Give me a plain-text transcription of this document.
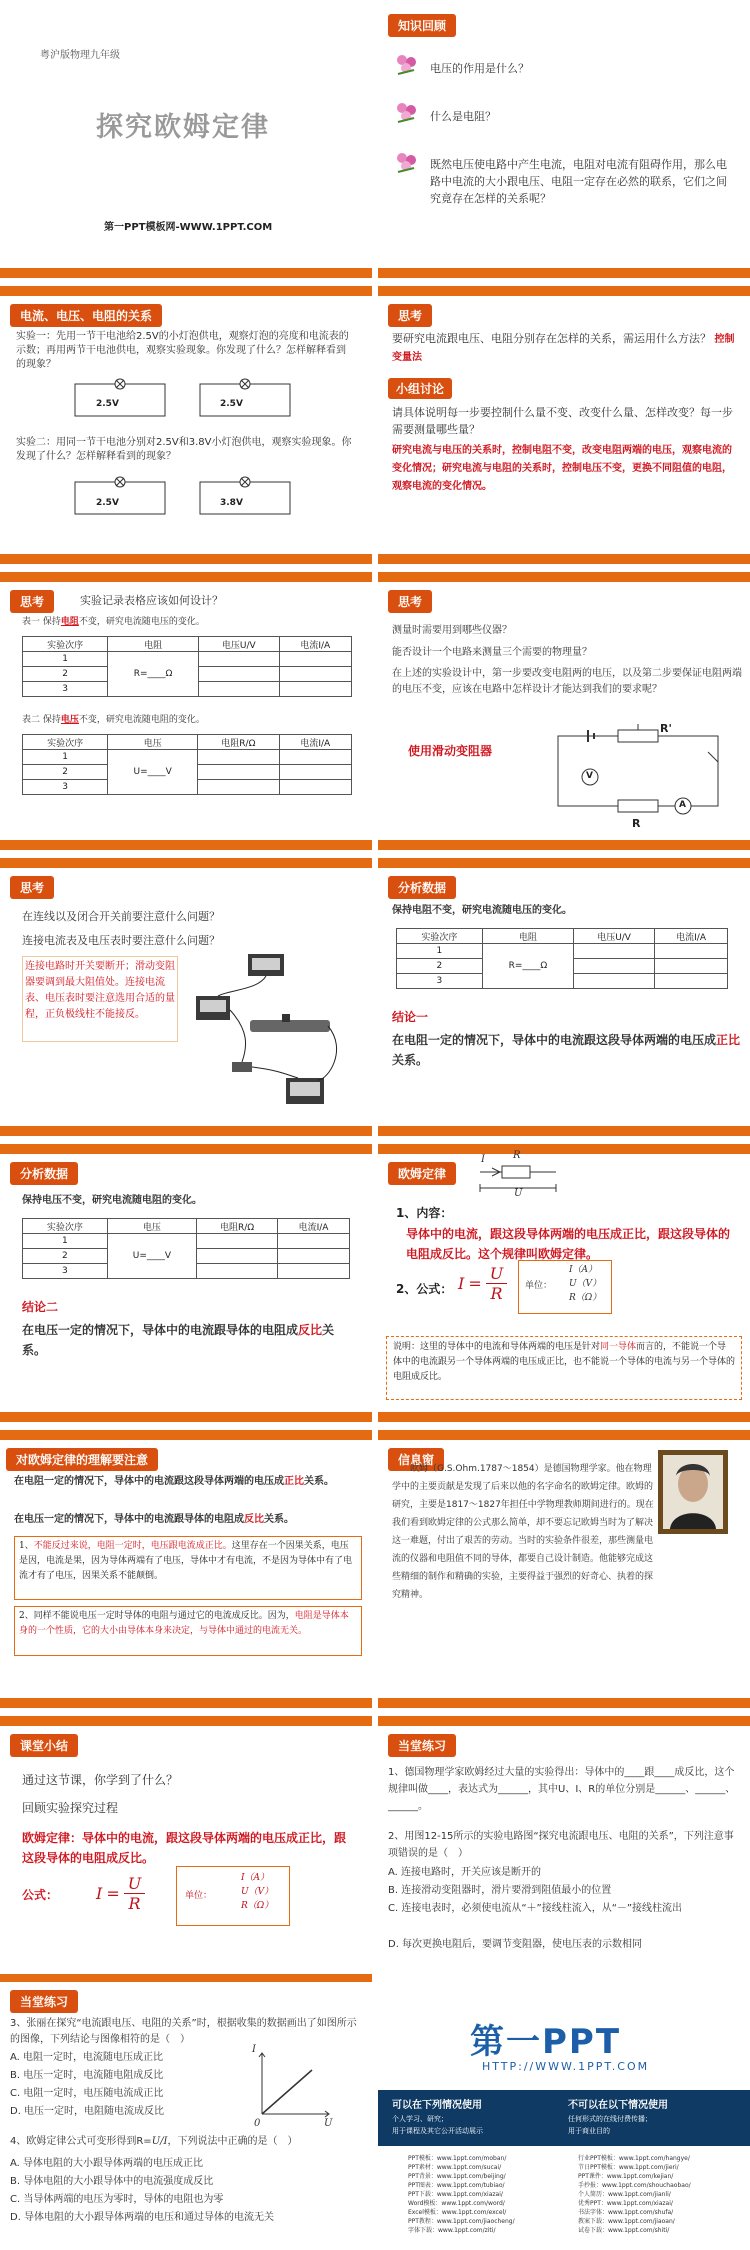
粤沪版物理九年级
探究欧姆定律
第一PPT模板网-WWW.1PPT.COM
知识回顾
电压的作用是什么？
什么是电阻？
既然电压使电路中产生电流，电阻对电流有阻碍作用，那么电路中电流的大小跟电压、电阻一定存在必然的联系，它们之间究竟存在怎样的关系呢？
电流、电压、电阻的关系
实验一：先用一节干电池给2.5V的小灯泡供电，观察灯泡的亮度和电流表的示数；再用两节干电池供电，观察实验现象。你发现了什么？怎样解释看到的现象？
2.5V	2.5V
实验二：用同一节干电池分别对2.5V和3.8V小灯泡供电，观察实验现象。你发现了什么？怎样解释看到的现象？
2.5V	3.8V
思考
要研究电流跟电压、电阻分别存在怎样的关系，需运用什么方法？ 控制变量法
小组讨论
请具体说明每一步要控制什么量不变、改变什么量、怎样改变？每一步需要测量哪些量？
研究电流与电压的关系时，控制电阻不变，改变电阻两端的电压，观察电流的变化情况；研究电流与电阻的关系时，控制电压不变，更换不同阻值的电阻，观察电流的变化情况。
思考	实验记录表格应该如何设计？
表一 保持电阻不变，研究电流随电压的变化。
实验次序	电阻	电压U/V	电流I/A
1	R=____Ω		
2			
3			
表二 保持电压不变，研究电流随电阻的变化。
实验次序	电压	电阻R/Ω	电流I/A
1	U=____V		
2			
3			
思考
测量时需要用到哪些仪器？
能否设计一个电路来测量三个需要的物理量？
在上述的实验设计中，第一步要改变电阻两的电压，以及第二步要保证电阻两端的电压不变，应该在电路中怎样设计才能达到我们的要求呢？
使用滑动变阻器
R'
V
A
R
思考
在连线以及闭合开关前要注意什么问题？
连接电流表及电压表时要注意什么问题？
连接电路时开关要断开；滑动变阻器要调到最大阻值处。连接电流表、电压表时要注意选用合适的量程，正负极线柱不能接反。
分析数据
保持电阻不变，研究电流随电压的变化。
实验次序	电阻	电压U/V	电流I/A
1	R=____Ω		
2			
3			
结论一
在电阻一定的情况下，导体中的电流跟这段导体两端的电压成正比关系。
分析数据
保持电压不变，研究电流随电阻的变化。
实验次序	电压	电阻R/Ω	电流I/A
1	U=____V		
2			
3			
结论二
在电压一定的情况下，导体中的电流跟导体的电阻成反比关系。
欧姆定律
I	R
U
1、内容：
导体中的电流，跟这段导体两端的电压成正比，跟这段导体的电阻成反比。这个规律叫欧姆定律。
2、公式： $I = \frac{U}{R}$ 单位：
I（A）
U（V）
R（Ω）
说明：这里的导体中的电流和导体两端的电压是针对同一导体而言的，不能说一个导体中的电流跟另一个导体两端的电压成正比，也不能说一个导体的电流与另一个导体的电阻成反比。
对欧姆定律的理解要注意
在电阻一定的情况下，导体中的电流跟这段导体两端的电压成正比关系。
在电压一定的情况下，导体中的电流跟导体的电阻成反比关系。
1、不能反过来说，电阻一定时，电压跟电流成正比。这里存在一个因果关系，电压是因，电流是果，因为导体两端有了电压，导体中才有电流，不是因为导体中有了电流才有了电压，因果关系不能颠倒。
2、同样不能说电压一定时导体的电阻与通过它的电流成反比。因为，电阻是导体本身的一个性质，它的大小由导体本身来决定，与导体中通过的电流无关。
信息窗
欧姆（G.S.Ohm.1787～1854）是德国物理学家。他在物理学中的主要贡献是发现了后来以他的名字命名的欧姆定律。欧姆的研究，主要是1817～1827年担任中学物理教师期间进行的。现在我们看到欧姆定律的公式那么简单，却不要忘记欧姆当时为了解决这一难题，付出了艰苦的劳动。当时的实验条件很差，那些测量电流的仪器和电阻值不同的导体，都要自己设计制造。他能够完成这些精细的制作和精确的实验，主要得益于强烈的好奇心、执着的探究精神。
课堂小结
通过这节课，你学到了什么？
回顾实验探究过程
欧姆定律：导体中的电流，跟这段导体两端的电压成正比，跟这段导体的电阻成反比。
公式： $I = \frac{U}{R}$	单位：
I（A）
U（V）
R（Ω）
当堂练习
1、德国物理学家欧姆经过大量的实验得出：导体中的____跟____成反比，这个规律叫做____，表达式为______，其中U、I、R的单位分别是______、______、______。
2、用图12-15所示的实验电路图“探究电流跟电压、电阻的关系”，下列注意事项错误的是（　）
A. 连接电路时，开关应该是断开的
B. 连接滑动变阻器时，滑片要滑到阻值最小的位置
C. 连接电表时，必须使电流从“＋”接线柱流入，从“－”接线柱流出
D. 每次更换电阻后，要调节变阻器，使电压表的示数相同
当堂练习
3、张丽在探究“电流跟电压、电阻的关系”时，根据收集的数据画出了如图所示的图像，下列结论与图像相符的是（　）
A. 电阻一定时，电流随电压成正比
B. 电压一定时，电流随电阻成反比
C. 电阻一定时，电压随电流成正比
D. 电压一定时，电阻随电流成反比
I
U
0
4、欧姆定律公式可变形得到R=U/I，下列说法中正确的是（　）
A. 导体电阻的大小跟导体两端的电压成正比
B. 导体电阻的大小跟导体中的电流强度成反比
C. 当导体两端的电压为零时，导体的电阻也为零
D. 导体电阻的大小跟导体两端的电压和通过导体的电流无关
第一PPT
HTTP://WWW.1PPT.COM
可以在下列情况使用
个人学习、研究；
用于课程及其它公开活动展示
不可以在以下情况使用
任何形式的在线付费传播；
用于商业目的
PPT模板：www.1ppt.com/moban/
PPT素材：www.1ppt.com/sucai/
PPT背景：www.1ppt.com/beijing/
PPT图表：www.1ppt.com/tubiao/
PPT下载：www.1ppt.com/xiazai/
Word模板：www.1ppt.com/word/
Excel模板：www.1ppt.com/excel/
PPT教程：www.1ppt.com/jiaocheng/
字体下载：www.1ppt.com/ziti/
行业PPT模板：www.1ppt.com/hangye/
节日PPT模板：www.1ppt.com/jieri/
PPT课件：www.1ppt.com/kejian/
手抄报：www.1ppt.com/shouchaobao/
个人简历：www.1ppt.com/jianli/
优秀PPT：www.1ppt.com/xiazai/
书法字体：www.1ppt.com/shufa/
教案下载：www.1ppt.com/jiaoan/
试卷下载：www.1ppt.com/shiti/
